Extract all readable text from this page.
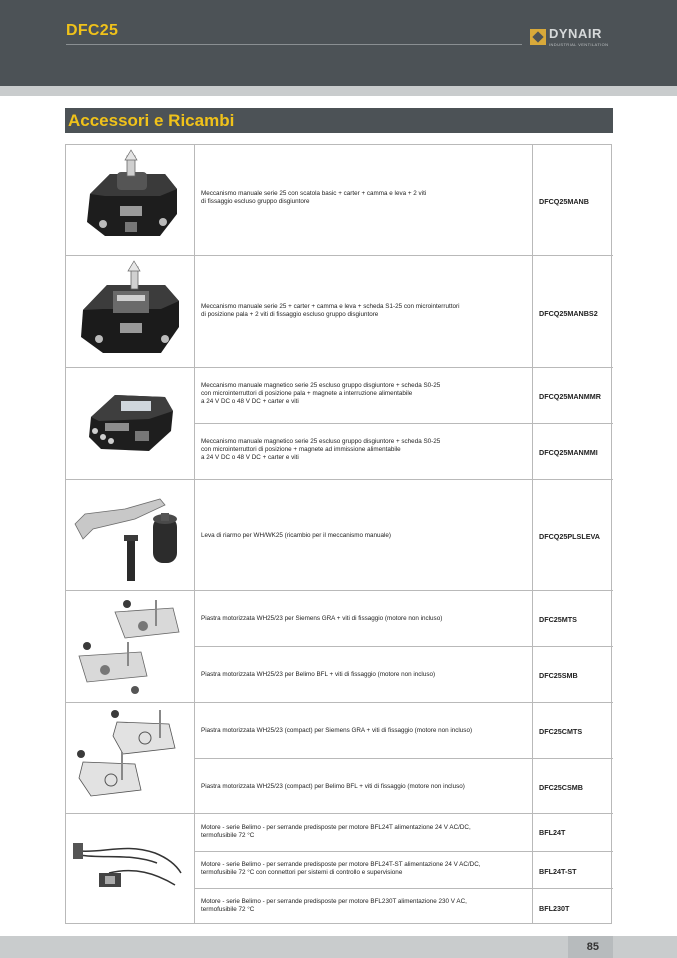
DFC25	DYNAIR
INDUSTRIAL VENTILATION
Accessori e Ricambi
Meccanismo manuale serie 25 con scatola basic + carter + camma e leva + 2 viti
di fissaggio escluso gruppo disgiuntore	DFCQ25MANB
Meccanismo manuale serie 25 + carter + camma e leva + scheda S1-25 con microinterruttori
di posizione pala + 2 viti di fissaggio escluso gruppo disgiuntore	DFCQ25MANBS2
Meccanismo manuale magnetico serie 25 escluso gruppo disgiuntore + scheda S0-25
con microinterruttori di posizione pala + magnete a interruzione alimentabile
a 24 V DC o 48 V DC + carter e viti
DFCQ25MANMMR
Meccanismo manuale magnetico serie 25 escluso gruppo disgiuntore + scheda S0-25
con microinterruttori di posizione + magnete ad immissione alimentabile
a 24 V DC o 48 V DC + carter e viti
DFCQ25MANMMI
Leva di riarmo per WH/WK25 (ricambio per il meccanismo manuale)	DFCQ25PLSLEVA
Piastra motorizzata WH25/23 per Siemens GRA + viti di fissaggio (motore non incluso)	DFC25MTS
Piastra motorizzata WH25/23 per Belimo BFL + viti di fissaggio (motore non incluso)	DFC25SMB
Piastra motorizzata WH25/23 (compact) per Siemens GRA + viti di fissaggio (motore non incluso)	DFC25CMTS
Piastra motorizzata WH25/23 (compact) per Belimo BFL + viti di fissaggio (motore non incluso)	DFC25CSMB
Motore - serie Belimo - per serrande predisposte per motore BFL24T alimentazione 24 V AC/DC,
termofusibile 72 °C	BFL24T
Motore - serie Belimo - per serrande predisposte per motore BFL24T-ST alimentazione 24 V AC/DC,
termofusibile 72 °C con connettori per sistemi di controllo e supervisione	BFL24T-ST
Motore - serie Belimo - per serrande predisposte per motore BFL230T alimentazione 230 V AC,
termofusibile 72 °C	BFL230T
85
